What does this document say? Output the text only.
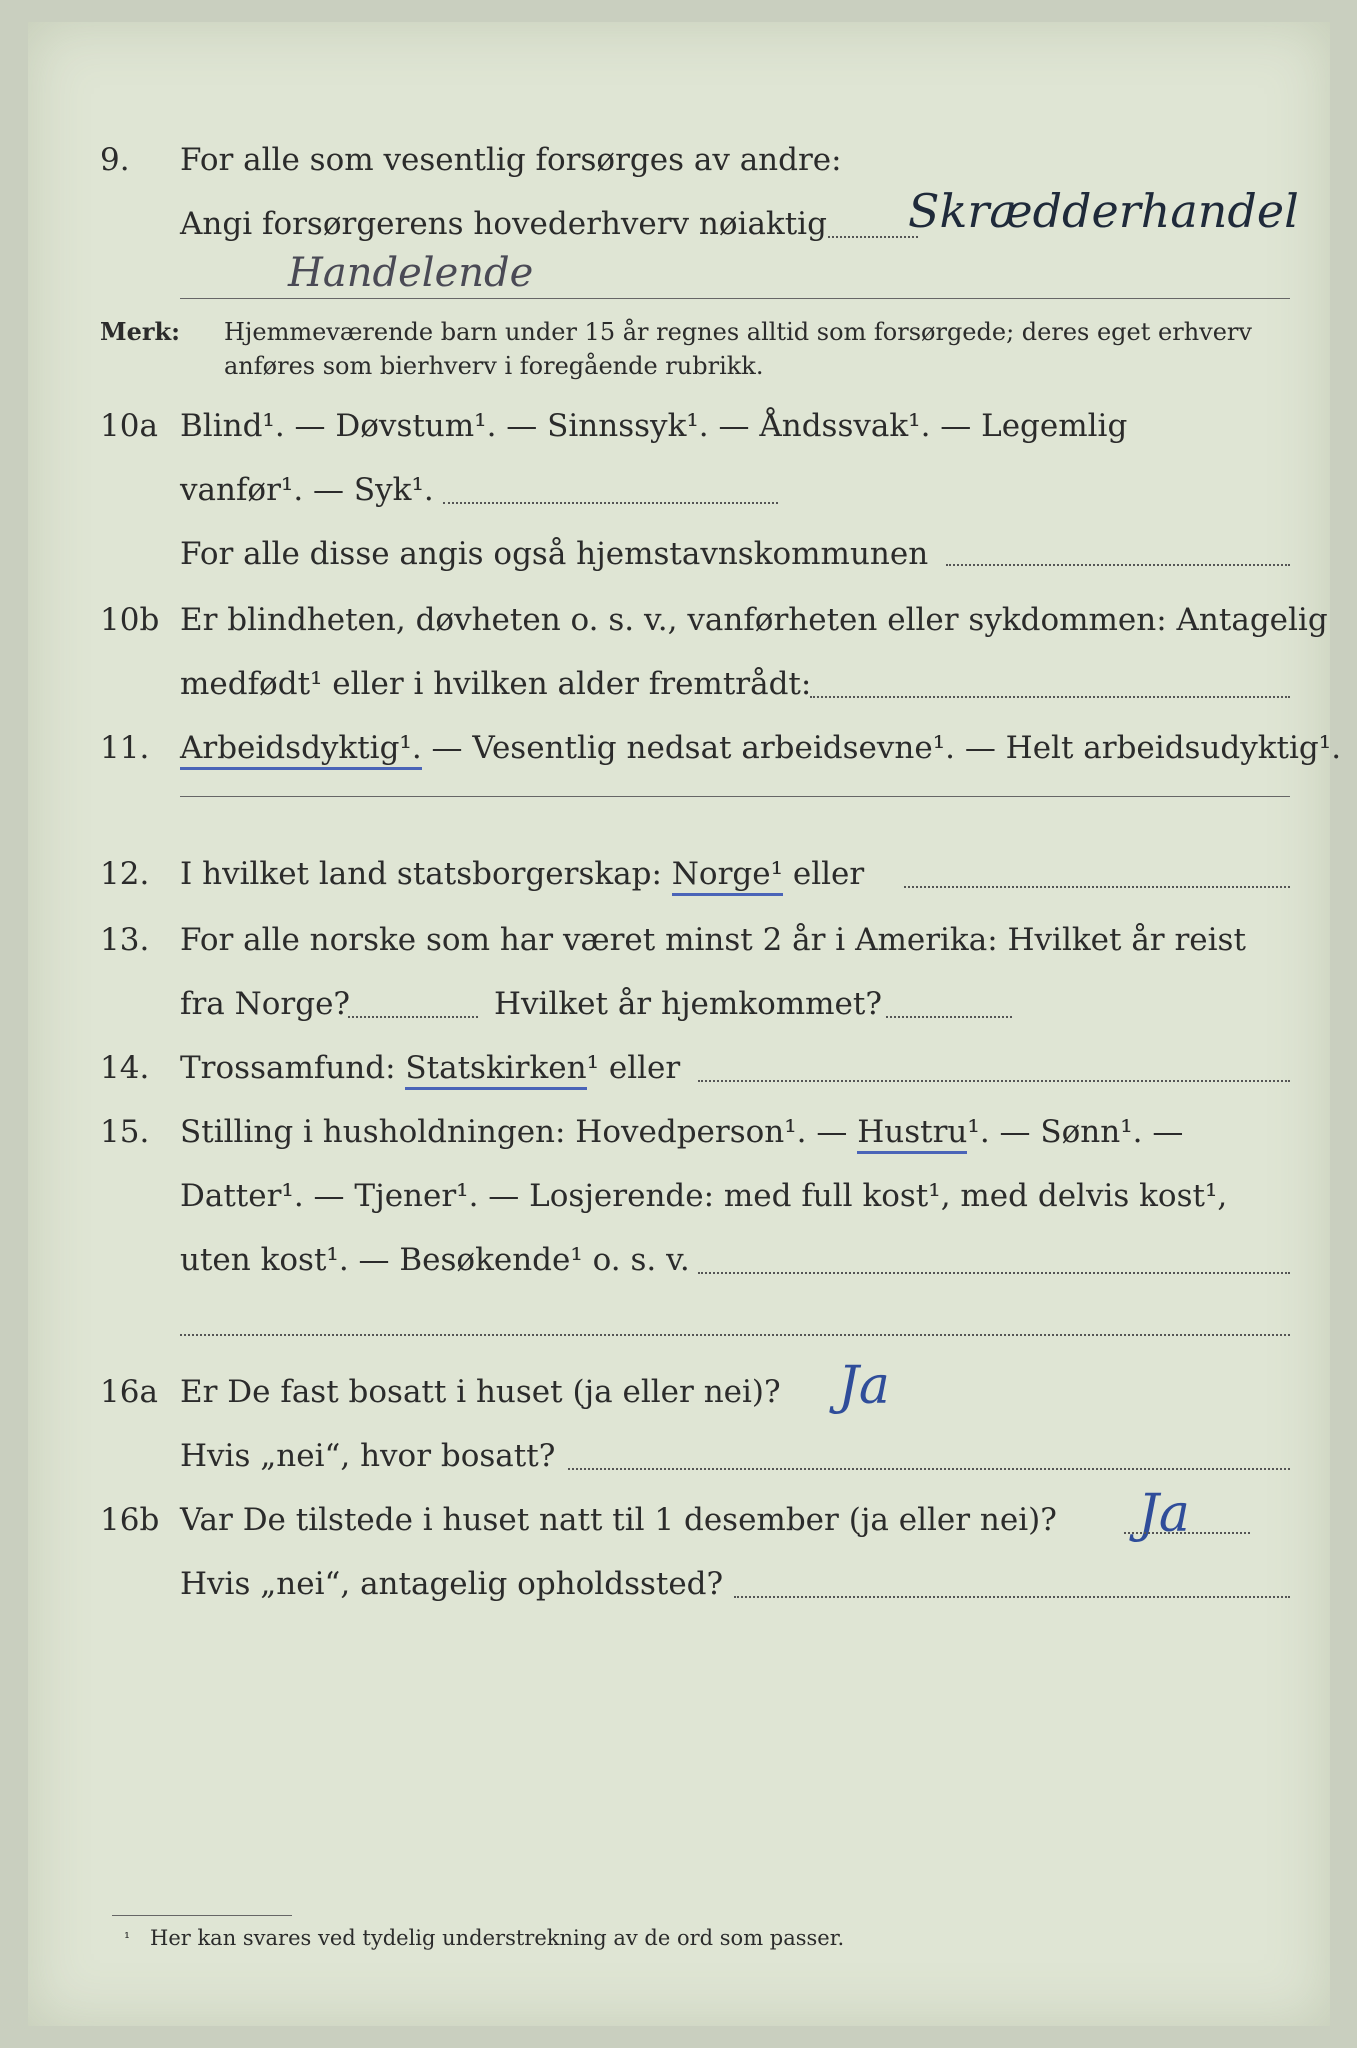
9. For alle som vesentlig forsørges av andre:
Angi forsørgerens hovederhverv nøiaktig Skrædderhandel
Handelende
Merk: Hjemmeværende barn under 15 år regnes alltid som forsørgede; deres eget erhverv
anføres som bierhverv i foregående rubrikk.
10a Blind¹. — Døvstum¹. — Sinnssyk¹. — Åndssvak¹. — Legemlig
vanfør¹. — Syk¹.
For alle disse angis også hjemstavnskommunen
10b Er blindheten, døvheten o. s. v., vanførheten eller sykdommen: Antagelig
medfødt¹ eller i hvilken alder fremtrådt:
11. Arbeidsdyktig¹. — Vesentlig nedsat arbeidsevne¹. — Helt arbeidsudyktig¹.
12. I hvilket land statsborgerskap: Norge¹ eller
13. For alle norske som har været minst 2 år i Amerika: Hvilket år reist
fra Norge?	Hvilket år hjemkommet?
14. Trossamfund: Statskirken¹ eller
15. Stilling i husholdningen: Hovedperson¹. — Hustru¹. — Sønn¹. —
Datter¹. — Tjener¹. — Losjerende: med full kost¹, med delvis kost¹,
uten kost¹. — Besøkende¹ o. s. v.
16a Er De fast bosatt i huset (ja eller nei)? Ja
Hvis „nei“, hvor bosatt?
16b Var De tilstede i huset natt til 1 desember (ja eller nei)? Ja
Hvis „nei“, antagelig opholdssted?
¹ Her kan svares ved tydelig understrekning av de ord som passer.
